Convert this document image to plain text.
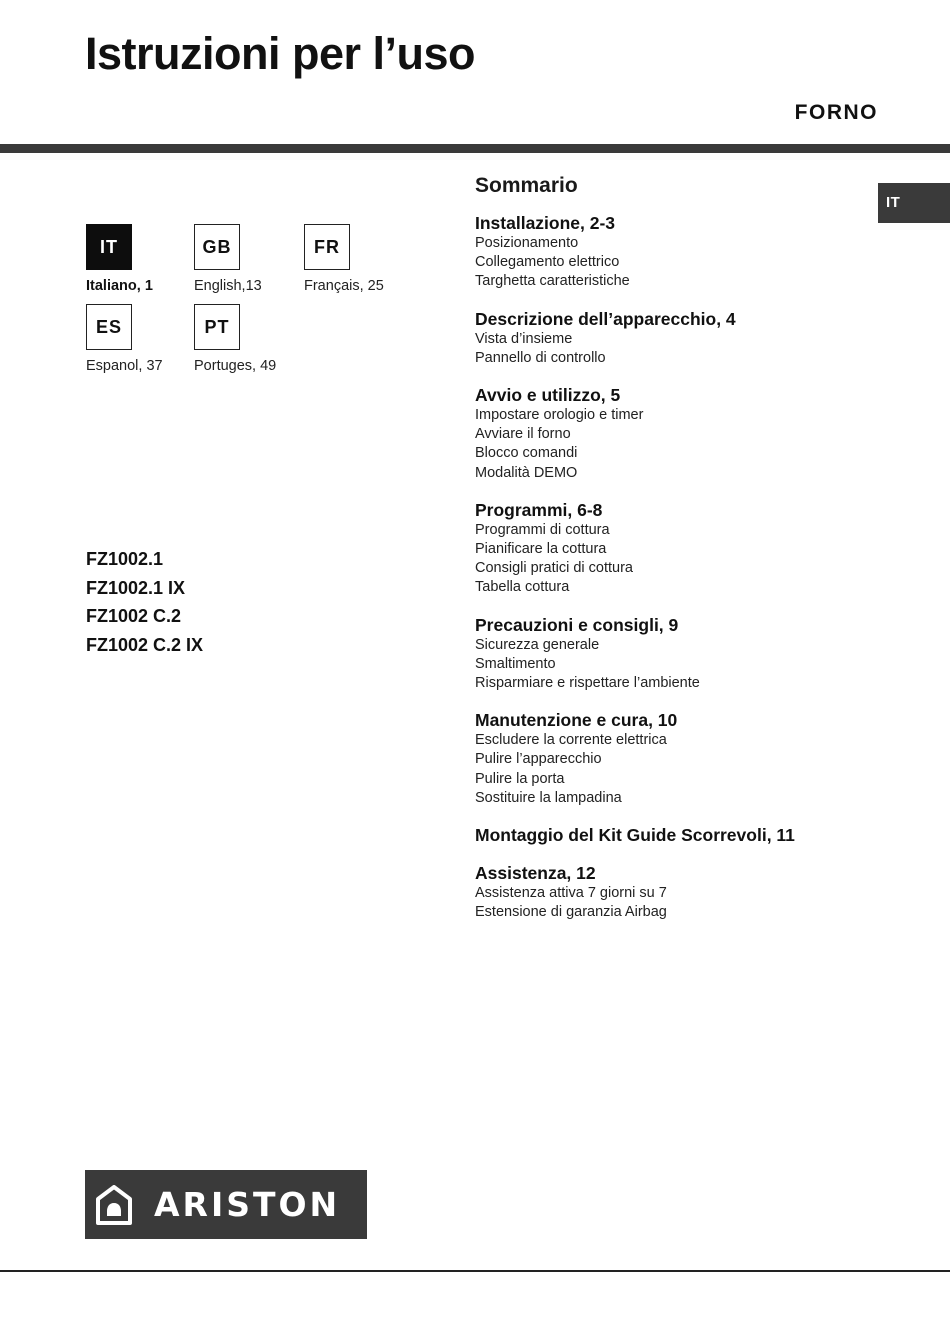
Istruzioni per l’uso
FORNO
IT
IT
Italiano, 1
GB
English,13
FR
Français, 25
ES
Espanol, 37
PT
Portuges, 49
FZ1002.1
FZ1002.1 IX
FZ1002 C.2
FZ1002 C.2 IX
Sommario
Installazione, 2-3
Posizionamento
Collegamento elettrico
Targhetta caratteristiche
Descrizione dell’apparecchio, 4
Vista d’insieme
Pannello di controllo
Avvio e utilizzo, 5
Impostare orologio e timer
Avviare il forno
Blocco comandi
Modalità DEMO
Programmi, 6-8
Programmi di cottura
Pianificare la cottura
Consigli pratici di cottura
Tabella cottura
Precauzioni e consigli, 9
Sicurezza generale
Smaltimento
Risparmiare e rispettare l’ambiente
Manutenzione e cura, 10
Escludere la corrente elettrica
Pulire l’apparecchio
Pulire la porta
Sostituire la lampadina
Montaggio del Kit Guide Scorrevoli, 11
Assistenza, 12
Assistenza attiva 7 giorni su 7
Estensione di garanzia Airbag
ARISTON
